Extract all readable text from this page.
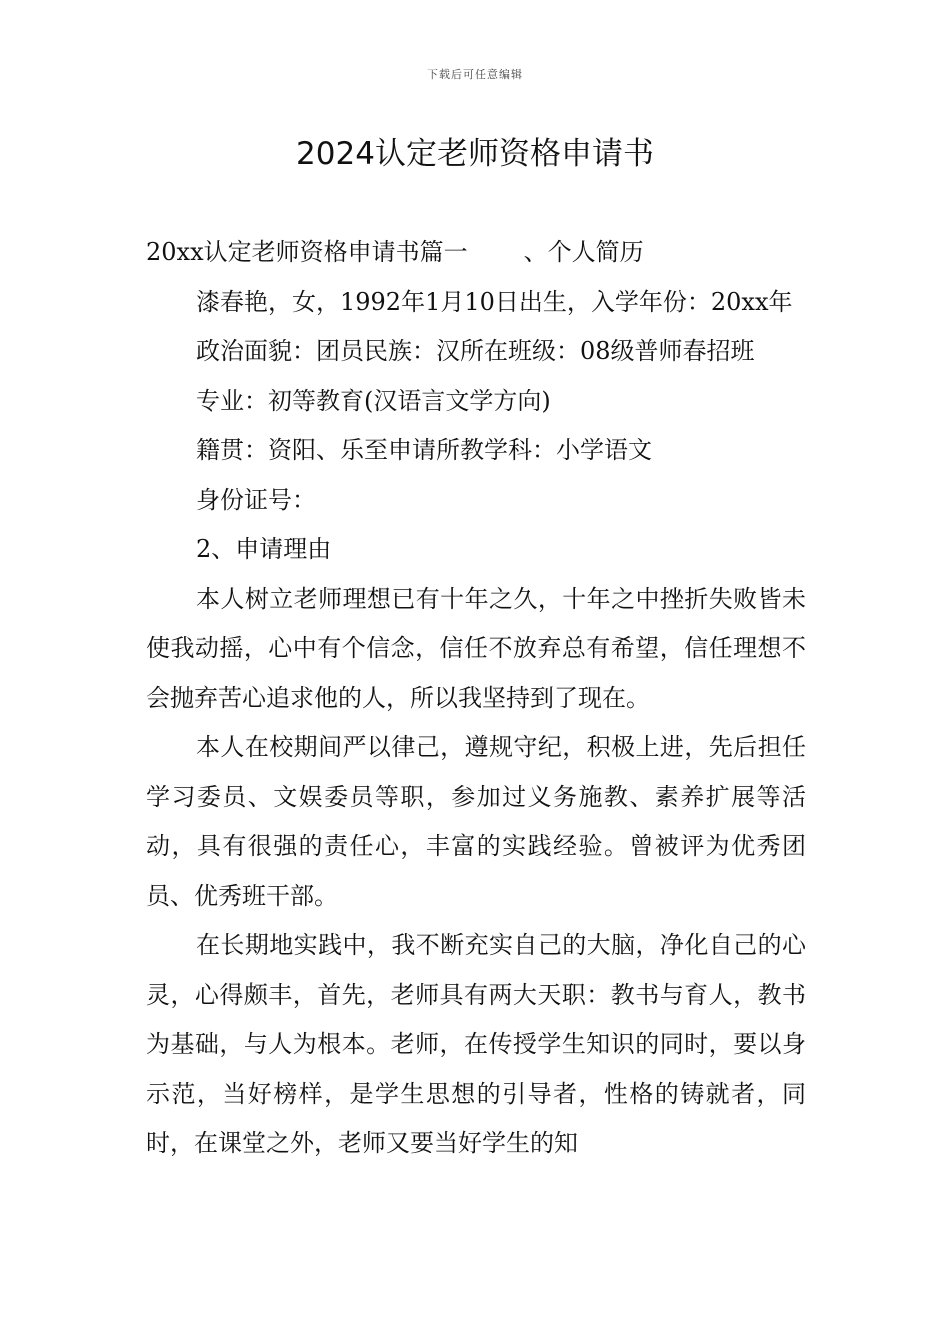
下载后可任意编辑
2024认定老师资格申请书

20xx认定老师资格申请书篇一 、个人简历

漆春艳，女，1992年1月10日出生，入学年份：20xx年

政治面貌：团员民族：汉所在班级：08级普师春招班

专业：初等教育(汉语言文学方向)

籍贯：资阳、乐至申请所教学科：小学语文

身份证号：

2、申请理由

本人树立老师理想已有十年之久，十年之中挫折失败皆未使我动摇，心中有个信念，信任不放弃总有希望，信任理想不会抛弃苦心追求他的人，所以我坚持到了现在。

本人在校期间严以律己，遵规守纪，积极上进，先后担任学习委员、文娱委员等职，参加过义务施教、素养扩展等活动，具有很强的责任心，丰富的实践经验。曾被评为优秀团员、优秀班干部。

在长期地实践中，我不断充实自己的大脑，净化自己的心灵，心得颇丰，首先，老师具有两大天职：教书与育人，教书为基础，与人为根本。老师，在传授学生知识的同时，要以身示范，当好榜样，是学生思想的引导者，性格的铸就者，同时，在课堂之外，老师又要当好学生的知
